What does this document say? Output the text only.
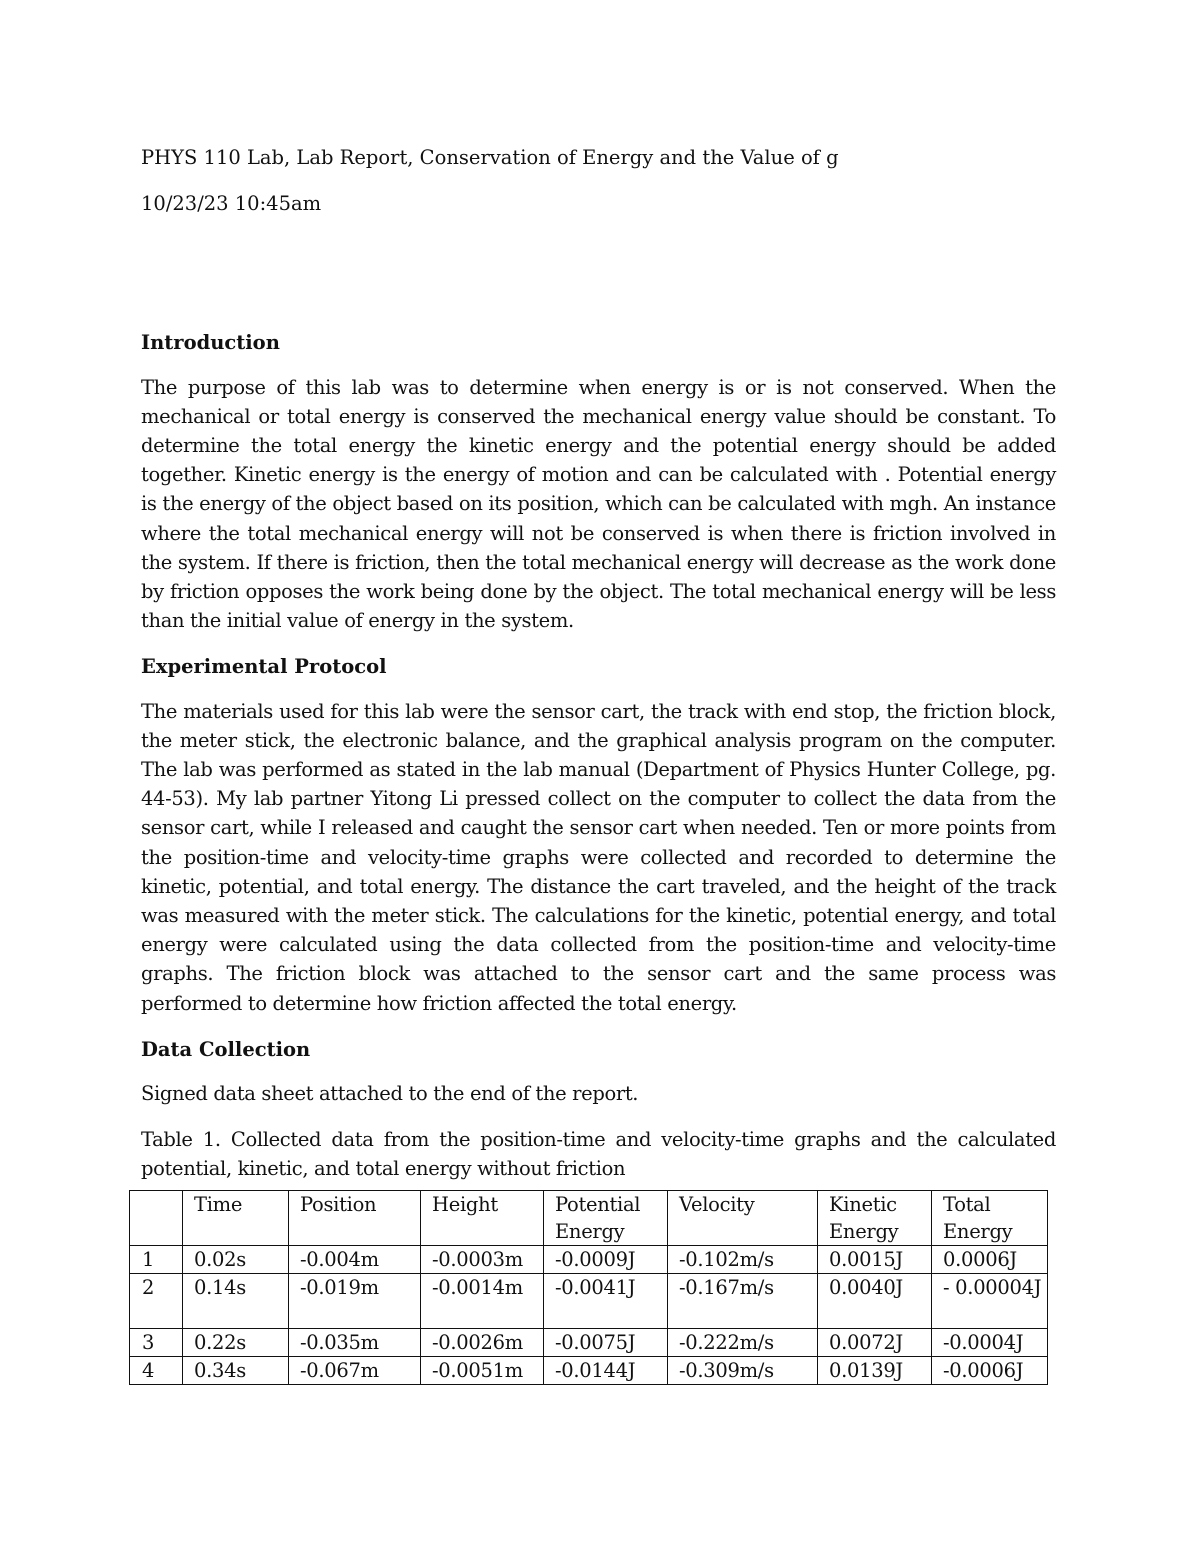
PHYS 110 Lab, Lab Report, Conservation of Energy and the Value of g

10/23/23 10:45am

Introduction

The purpose of this lab was to determine when energy is or is not conserved. When the mechanical or total energy is conserved the mechanical energy value should be constant. To determine the total energy the kinetic energy and the potential energy should be added together. Kinetic energy is the energy of motion and can be calculated with . Potential energy is the energy of the object based on its position, which can be calculated with mgh. An instance where the total mechanical energy will not be conserved is when there is friction involved in the system. If there is friction, then the total mechanical energy will decrease as the work done by friction opposes the work being done by the object. The total mechanical energy will be less than the initial value of energy in the system.

Experimental Protocol

The materials used for this lab were the sensor cart, the track with end stop, the friction block, the meter stick, the electronic balance, and the graphical analysis program on the computer. The lab was performed as stated in the lab manual (Department of Physics Hunter College, pg. 44-53). My lab partner Yitong Li pressed collect on the computer to collect the data from the sensor cart, while I released and caught the sensor cart when needed. Ten or more points from the position-time and velocity-time graphs were collected and recorded to determine the kinetic, potential, and total energy. The distance the cart traveled, and the height of the track was measured with the meter stick. The calculations for the kinetic, potential energy, and total energy were calculated using the data collected from the position-time and velocity-time graphs. The friction block was attached to the sensor cart and the same process was performed to determine how friction affected the total energy.

Data Collection

Signed data sheet attached to the end of the report.

Table 1. Collected data from the position-time and velocity-time graphs and the calculated potential, kinetic, and total energy without friction

	Time	Position	Height	Potential Energy	Velocity	Kinetic Energy	Total Energy
1	0.02s	-0.004m	-0.0003m	-0.0009J	-0.102m/s	0.0015J	0.0006J
2	0.14s	-0.019m	-0.0014m	-0.0041J	-0.167m/s	0.0040J	- 0.00004J
3	0.22s	-0.035m	-0.0026m	-0.0075J	-0.222m/s	0.0072J	-0.0004J
4	0.34s	-0.067m	-0.0051m	-0.0144J	-0.309m/s	0.0139J	-0.0006J
